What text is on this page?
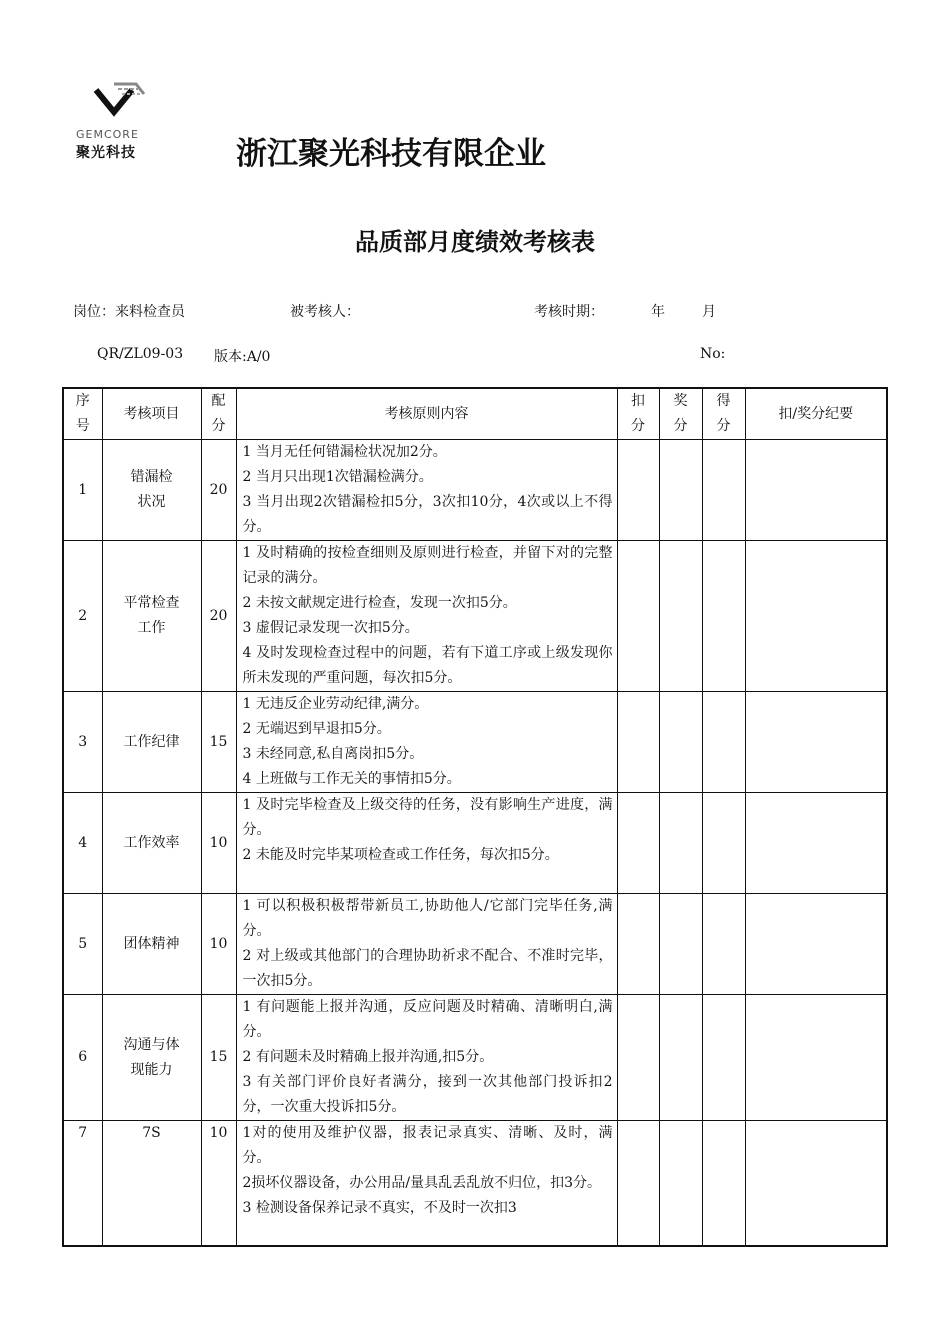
GEMCORE
聚光科技	浙江聚光科技有限企业
品质部月度绩效考核表
岗位：来料检查员	被考核人：	考核时期：	年	月
QR/ZL09-03 版本:A/0	No:
序号	考核项目	配分	考核原则内容	扣分	奖分	得分	扣/奖分纪要
1	错漏检状况	20	1 当月无任何错漏检状况加2分。
2 当月只出现1次错漏检满分。
3 当月出现2次错漏检扣5分，3次扣10分，4次或以上不得分。				

2	平常检查工作	20	1 及时精确的按检查细则及原则进行检查，并留下对的完整记录的满分。
2 未按文献规定进行检查，发现一次扣5分。
3 虚假记录发现一次扣5分。
4 及时发现检查过程中的问题，若有下道工序或上级发现你所未发现的严重问题，每次扣5分。				

3	工作纪律	15	1 无违反企业劳动纪律,满分。
2 无端迟到早退扣5分。
3 未经同意,私自离岗扣5分。
4 上班做与工作无关的事情扣5分。				

4	工作效率	10	1 及时完毕检查及上级交待的任务，没有影响生产进度，满分。
2 未能及时完毕某项检查或工作任务，每次扣5分。				

5	团体精神	10	1 可以积极积极帮带新员工,协助他人/它部门完毕任务,满分。
2 对上级或其他部门的合理协助祈求不配合、不准时完毕，一次扣5分。				

6	沟通与体现能力	15	1 有问题能上报并沟通，反应问题及时精确、清晰明白,满分。
2 有问题未及时精确上报并沟通,扣5分。
3 有关部门评价良好者满分，接到一次其他部门投诉扣2分，一次重大投诉扣5分。				

7	7S	10	1对的使用及维护仪器，报表记录真实、清晰、及时，满分。
2损坏仪器设备，办公用品/量具乱丢乱放不归位，扣3分。
3 检测设备保养记录不真实，不及时一次扣3				
